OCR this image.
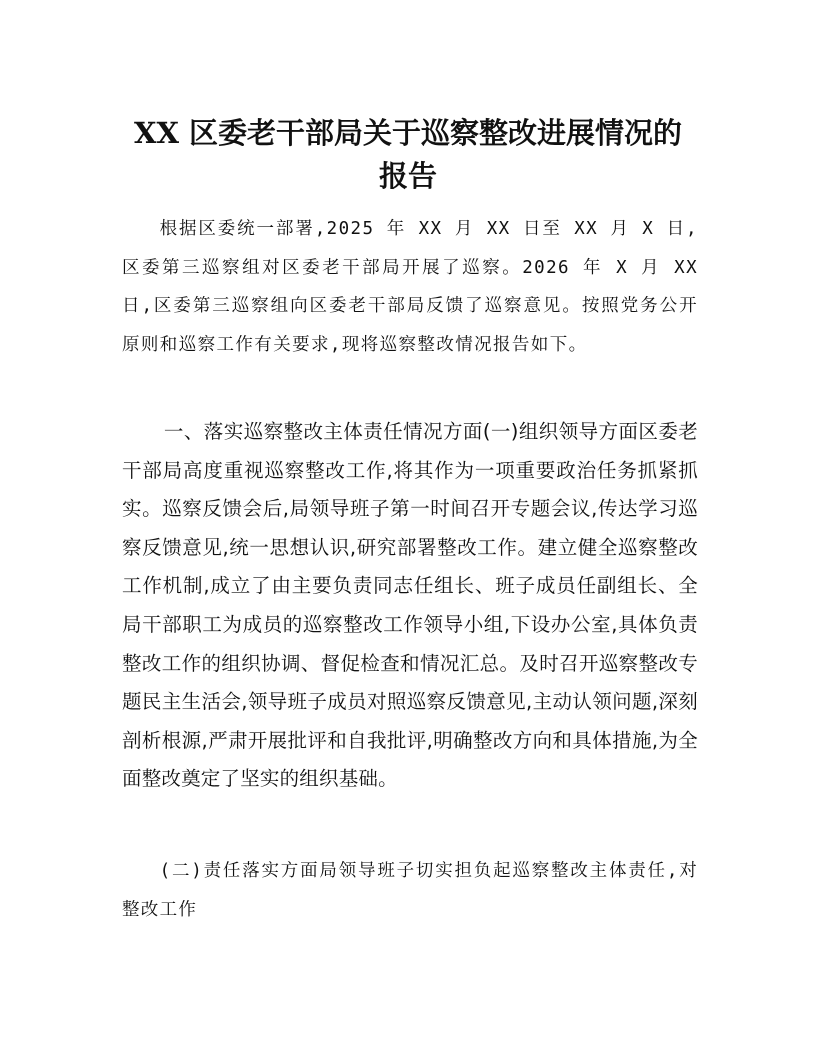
XX 区委老干部局关于巡察整改进展情况的
报告

根据区委统一部署,2025 年 XX 月 XX 日至 XX 月 X 日,区委第三巡察组对区委老干部局开展了巡察。2026 年 X 月 XX 日,区委第三巡察组向区委老干部局反馈了巡察意见。按照党务公开原则和巡察工作有关要求,现将巡察整改情况报告如下。

一、落实巡察整改主体责任情况方面(一)组织领导方面区委老干部局高度重视巡察整改工作,将其作为一项重要政治任务抓紧抓实。巡察反馈会后,局领导班子第一时间召开专题会议,传达学习巡察反馈意见,统一思想认识,研究部署整改工作。建立健全巡察整改工作机制,成立了由主要负责同志任组长、班子成员任副组长、全局干部职工为成员的巡察整改工作领导小组,下设办公室,具体负责整改工作的组织协调、督促检查和情况汇总。及时召开巡察整改专题民主生活会,领导班子成员对照巡察反馈意见,主动认领问题,深刻剖析根源,严肃开展批评和自我批评,明确整改方向和具体措施,为全面整改奠定了坚实的组织基础。

(二)责任落实方面局领导班子切实担负起巡察整改主体责任,对整改工作
